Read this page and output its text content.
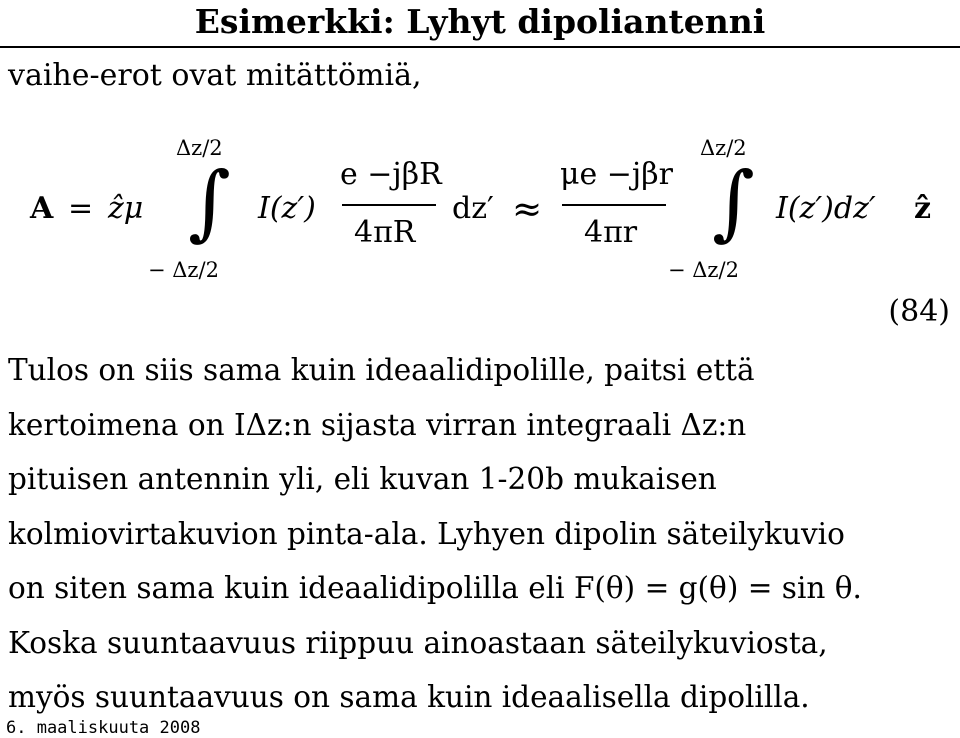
Esimerkki: Lyhyt dipoliantenni
vaihe-erot ovat mitättömiä,
A = ẑμ
Δz/2
∫
− Δz/2
I(z′)
e −jβR
4πR
dz′ ≈
μe −jβr
4πr
Δz/2
∫
− Δz/2
I(z′)dz′ ẑ
(84)

Tulos on siis sama kuin ideaalidipolille, paitsi että
kertoimena on IΔz:n sijasta virran integraali Δz:n
pituisen antennin yli, eli kuvan 1-20b mukaisen
kolmiovirtakuvion pinta-ala. Lyhyen dipolin säteilykuvio
on siten sama kuin ideaalidipolilla eli F(θ) = g(θ) = sin θ.
Koska suuntaavuus riippuu ainoastaan säteilykuviosta,
myös suuntaavuus on sama kuin ideaalisella dipolilla.

6. maaliskuuta 2008
